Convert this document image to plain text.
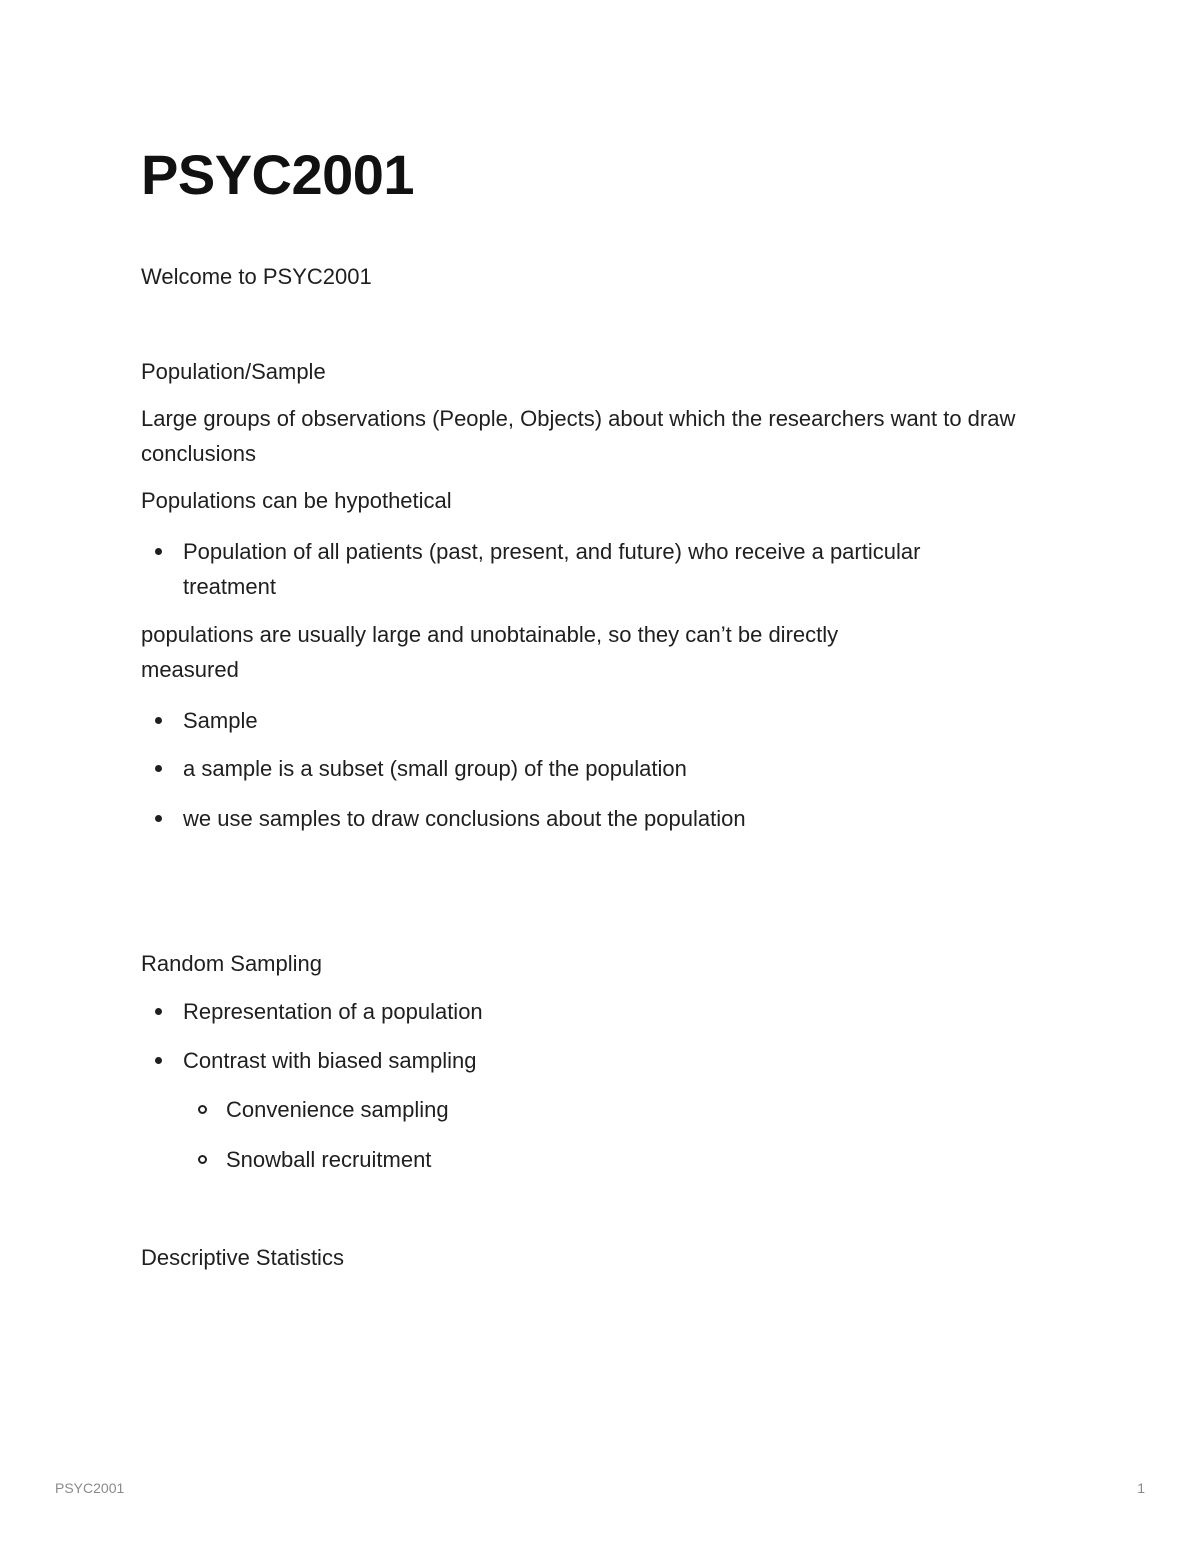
PSYC2001

Welcome to PSYC2001

Population/Sample

Large groups of observations (People, Objects) about which the researchers want to draw conclusions

Populations can be hypothetical

Population of all patients (past, present, and future) who receive a particular treatment

populations are usually large and unobtainable, so they can’t be directly measured

Sample

a sample is a subset (small group) of the population

we use samples to draw conclusions about the population

Random Sampling

Representation of a population

Contrast with biased sampling

Convenience sampling

Snowball recruitment

Descriptive Statistics

PSYC2001	1
